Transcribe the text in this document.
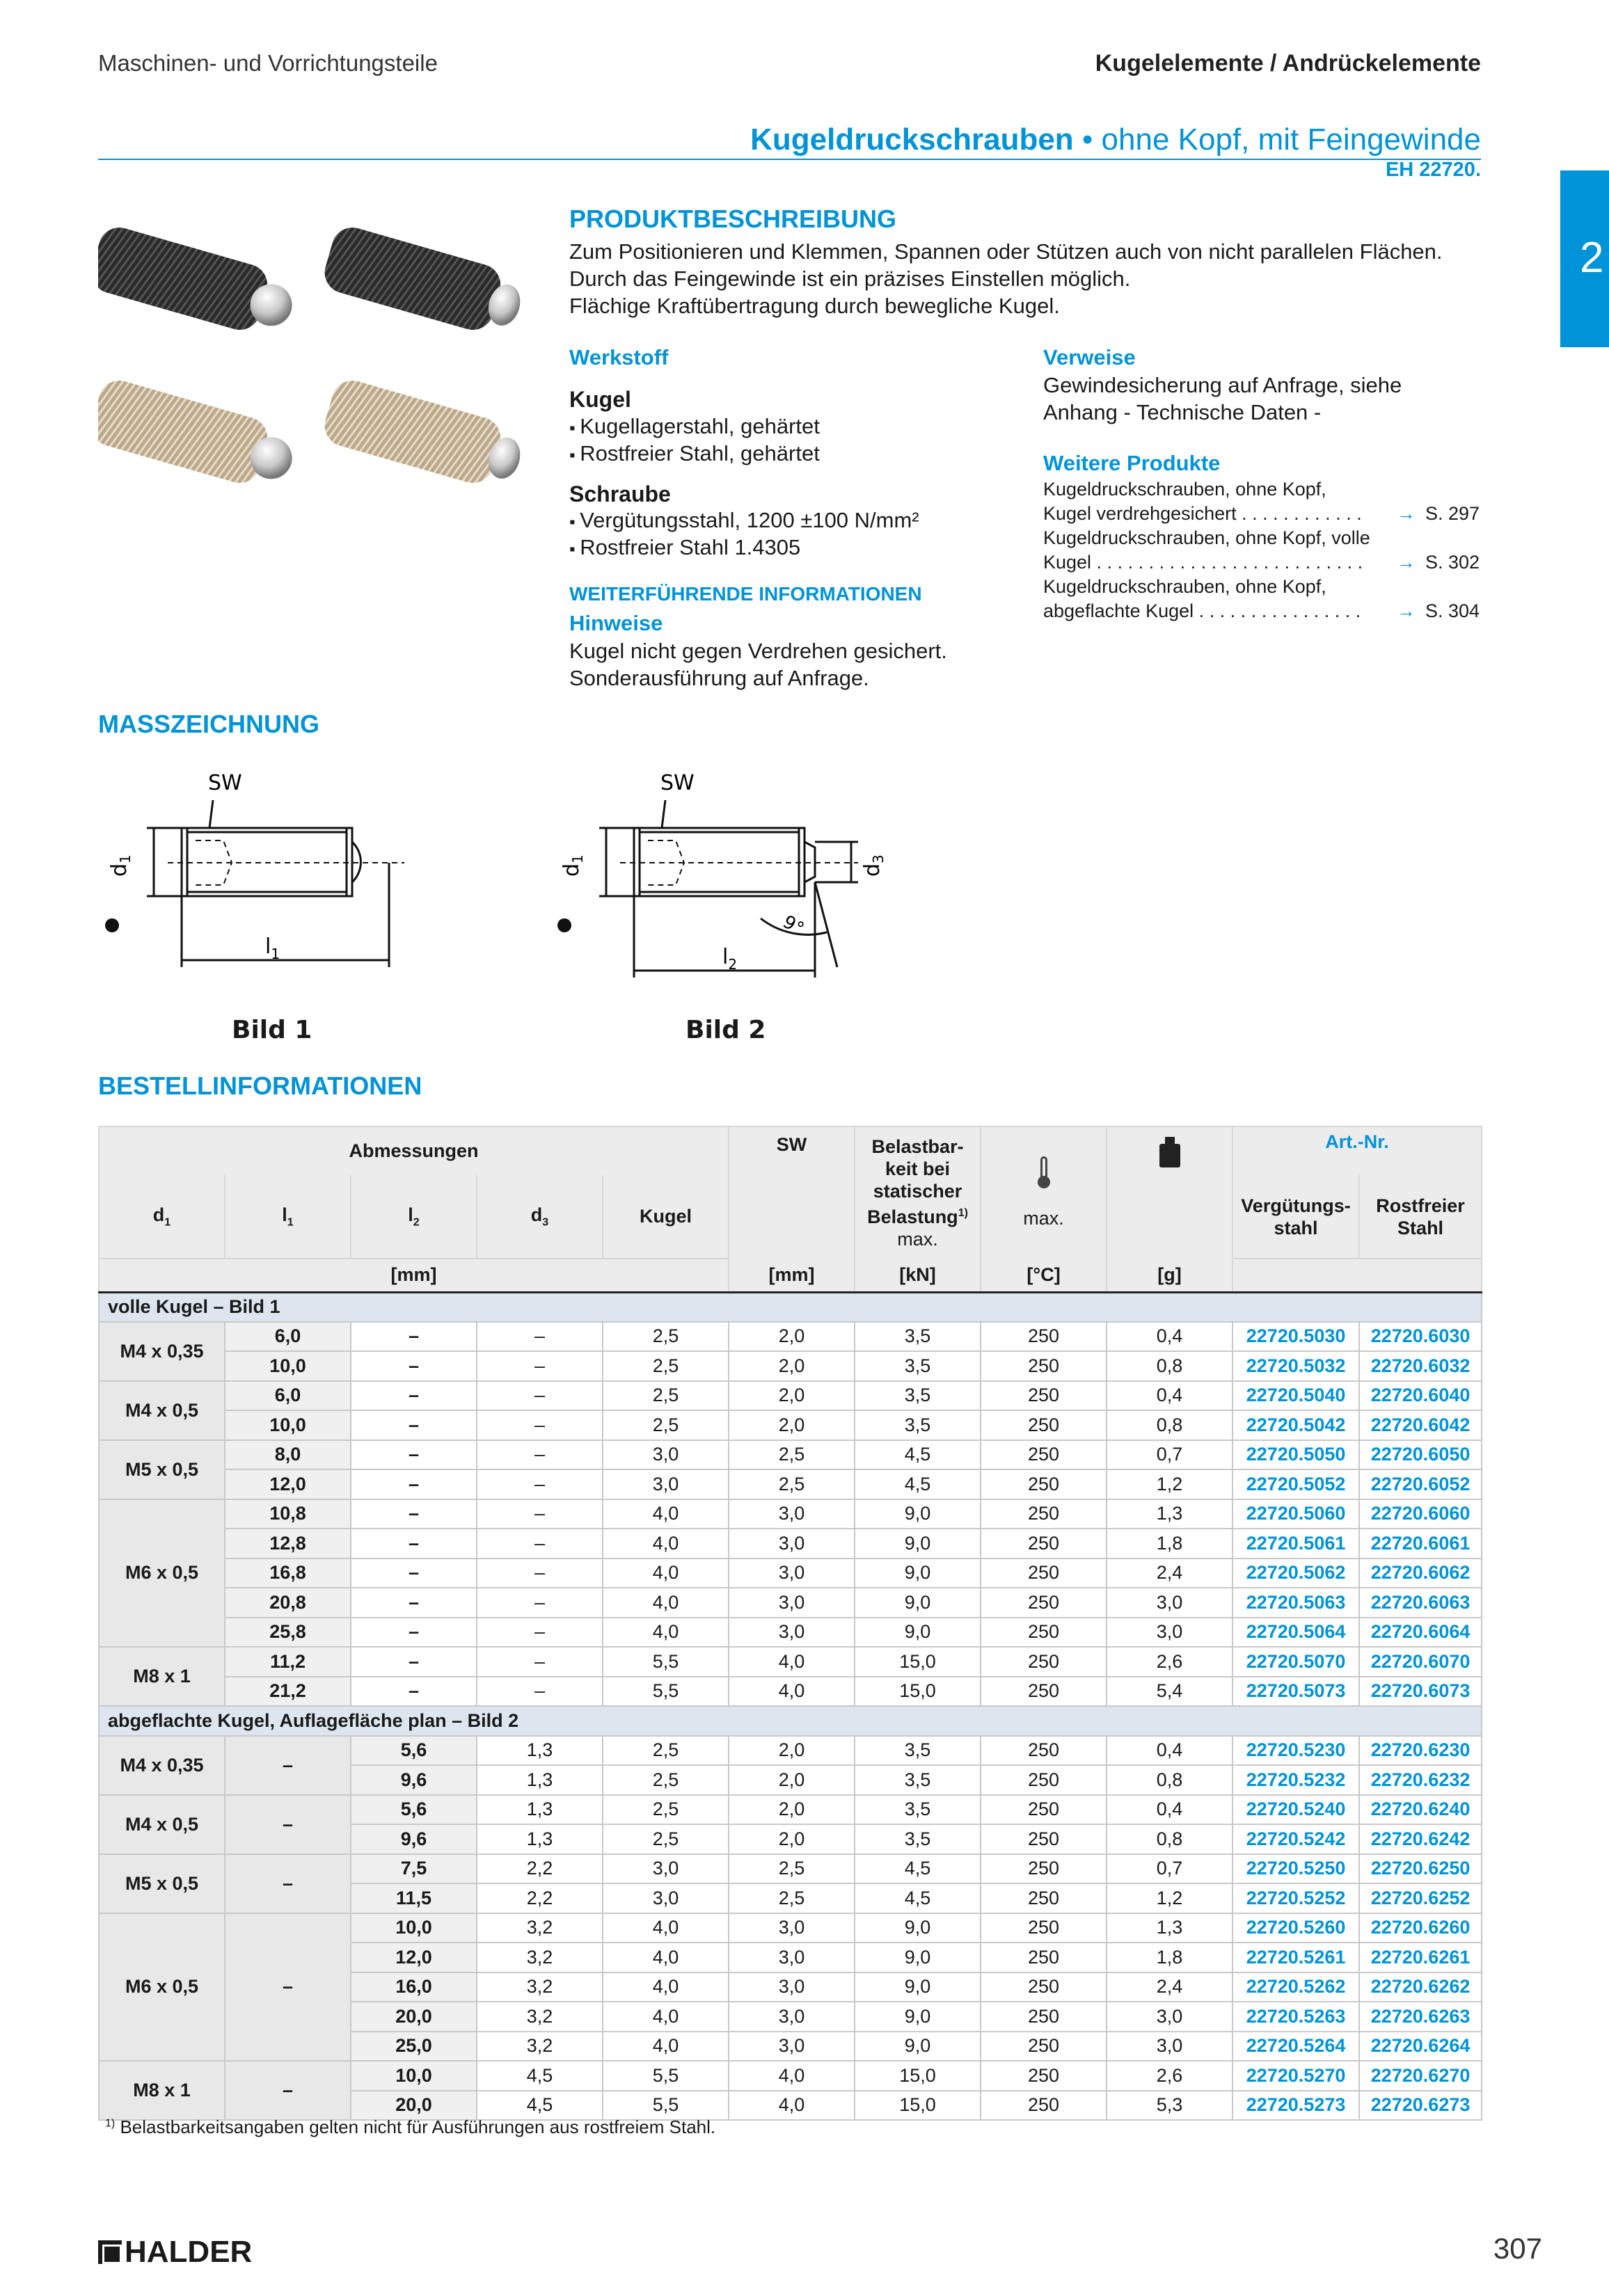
Maschinen- und Vorrichtungsteile	Kugelelemente / Andrückelemente
Kugeldruckschrauben • ohne Kopf, mit Feingewinde
EH 22720.
2
PRODUKTBESCHREIBUNG
Zum Positionieren und Klemmen, Spannen oder Stützen auch von nicht parallelen Flächen.
Durch das Feingewinde ist ein präzises Einstellen möglich.
Flächige Kraftübertragung durch bewegliche Kugel.
Werkstoff
Kugel
▪ Kugellagerstahl, gehärtet
▪ Rostfreier Stahl, gehärtet
Schraube
▪ Vergütungsstahl, 1200 ±100 N/mm²
▪ Rostfreier Stahl 1.4305
WEITERFÜHRENDE INFORMATIONEN
Hinweise
Kugel nicht gegen Verdrehen gesichert.
Sonderausführung auf Anfrage.
Verweise
Gewindesicherung auf Anfrage, siehe
Anhang - Technische Daten -
Weitere Produkte
Kugeldruckschrauben, ohne Kopf,
Kugel verdrehgesichert . . . . . . . . . . . .	→ S. 297
Kugeldruckschrauben, ohne Kopf, volle
Kugel . . . . . . . . . . . . . . . . . . . . . . . . . .	→ S. 302
Kugeldruckschrauben, ohne Kopf,
abgeflachte Kugel . . . . . . . . . . . . . . . .	→ S. 304
MASSZEICHNUNG
SW
$d_1$
$l_1$
SW
$d_1$
$d_3$
$l_2$
9°
Bild 1	Bild 2
BESTELLINFORMATIONEN
Abmessungen					SW	Belastbar-keit bei statischer Belastung$^{1)}$
max.	max.		Art.-Nr.	
$d_1$	$l_1$	$l_2$	$d_3$	Kugel					Vergütungs-stahl	Rostfreier Stahl
[mm]					[mm]	[kN]	[°C]	[g]		
volle Kugel – Bild 1										
M4 x 0,35	6,0	–	–	2,5	2,0	3,5	250	0,4	22720.5030	22720.6030
	10,0	–	–	2,5	2,0	3,5	250	0,8	22720.5032	22720.6032
M4 x 0,5	6,0	–	–	2,5	2,0	3,5	250	0,4	22720.5040	22720.6040
	10,0	–	–	2,5	2,0	3,5	250	0,8	22720.5042	22720.6042
M5 x 0,5	8,0	–	–	3,0	2,5	4,5	250	0,7	22720.5050	22720.6050
	12,0	–	–	3,0	2,5	4,5	250	1,2	22720.5052	22720.6052
M6 x 0,5	10,8	–	–	4,0	3,0	9,0	250	1,3	22720.5060	22720.6060
	12,8	–	–	4,0	3,0	9,0	250	1,8	22720.5061	22720.6061
	16,8	–	–	4,0	3,0	9,0	250	2,4	22720.5062	22720.6062
	20,8	–	–	4,0	3,0	9,0	250	3,0	22720.5063	22720.6063
	25,8	–	–	4,0	3,0	9,0	250	3,0	22720.5064	22720.6064
M8 x 1	11,2	–	–	5,5	4,0	15,0	250	2,6	22720.5070	22720.6070
	21,2	–	–	5,5	4,0	15,0	250	5,4	22720.5073	22720.6073
abgeflachte Kugel, Auflagefläche plan – Bild 2										
M4 x 0,35	–	5,6	1,3	2,5	2,0	3,5	250	0,4	22720.5230	22720.6230
		9,6	1,3	2,5	2,0	3,5	250	0,8	22720.5232	22720.6232
M4 x 0,5	–	5,6	1,3	2,5	2,0	3,5	250	0,4	22720.5240	22720.6240
		9,6	1,3	2,5	2,0	3,5	250	0,8	22720.5242	22720.6242
M5 x 0,5	–	7,5	2,2	3,0	2,5	4,5	250	0,7	22720.5250	22720.6250
		11,5	2,2	3,0	2,5	4,5	250	1,2	22720.5252	22720.6252
M6 x 0,5	–	10,0	3,2	4,0	3,0	9,0	250	1,3	22720.5260	22720.6260
		12,0	3,2	4,0	3,0	9,0	250	1,8	22720.5261	22720.6261
		16,0	3,2	4,0	3,0	9,0	250	2,4	22720.5262	22720.6262
		20,0	3,2	4,0	3,0	9,0	250	3,0	22720.5263	22720.6263
		25,0	3,2	4,0	3,0	9,0	250	3,0	22720.5264	22720.6264
M8 x 1	–	10,0	4,5	5,5	4,0	15,0	250	2,6	22720.5270	22720.6270
		20,0	4,5	5,5	4,0	15,0	250	5,3	22720.5273	22720.6273
$^{1)}$ Belastbarkeitsangaben gelten nicht für Ausführungen aus rostfreiem Stahl.
HALDER	307
